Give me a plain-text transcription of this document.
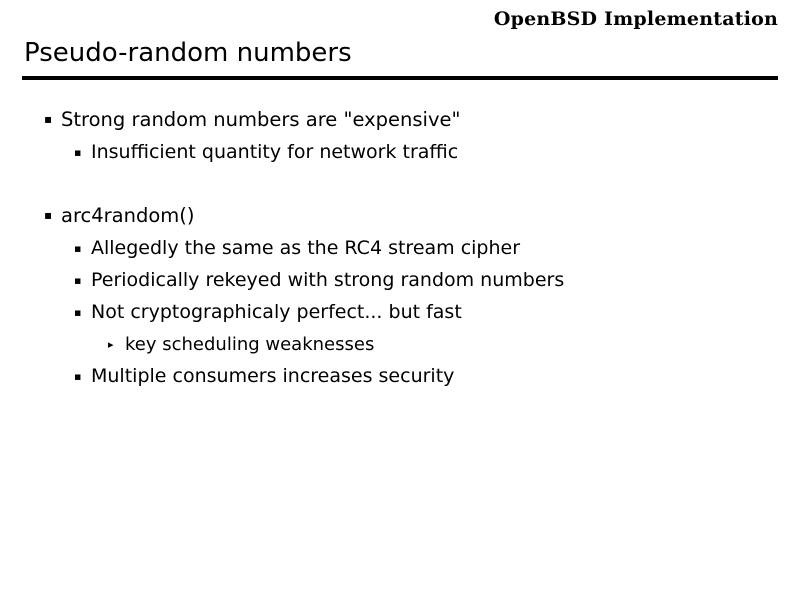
OpenBSD Implementation
Pseudo-random numbers
▪ Strong random numbers are "expensive"
▪ Insufficient quantity for network traffic
▪ arc4random()
▪ Allegedly the same as the RC4 stream cipher
▪ Periodically rekeyed with strong random numbers
▪ Not cryptographicaly perfect... but fast
▸ key scheduling weaknesses
▪ Multiple consumers increases security
